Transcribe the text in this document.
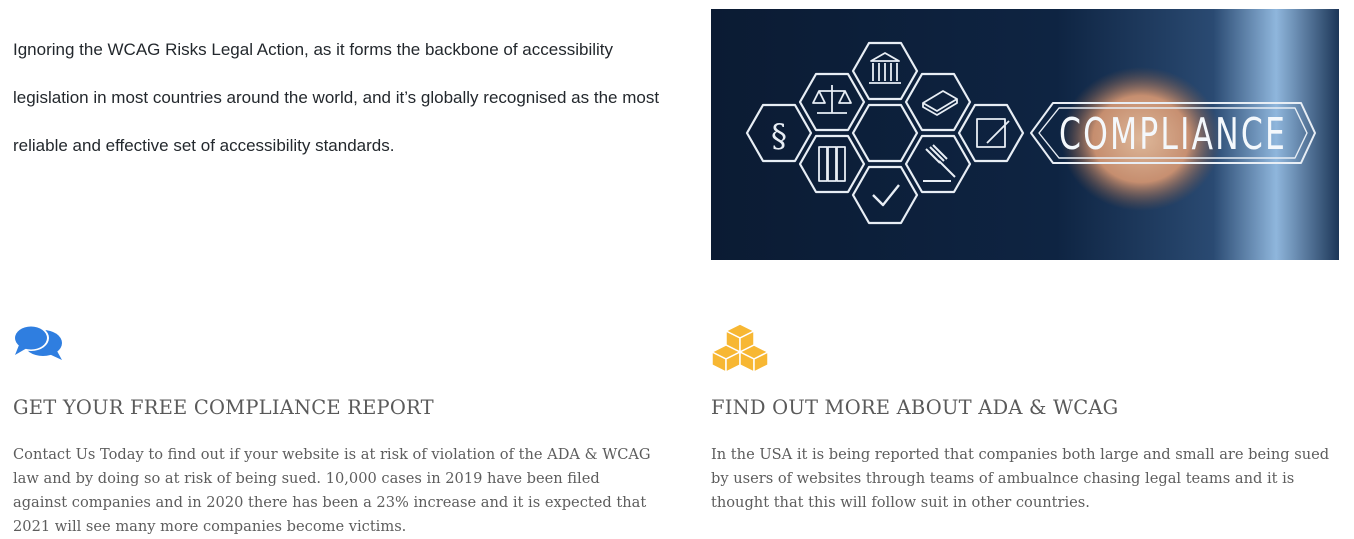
Ignoring the WCAG Risks Legal Action, as it forms the backbone of accessibility legislation in most countries around the world, and it’s globally recognised as the most reliable and effective set of accessibility standards.	§	COMPLIANCE
GET YOUR FREE COMPLIANCE REPORT

Contact Us Today to find out if your website is at risk of violation of the ADA & WCAG law and by doing so at risk of being sued. 10,000 cases in 2019 have been filed against companies and in 2020 there has been a 23% increase and it is expected that 2021 will see many more companies become victims.

FIND OUT MORE ABOUT ADA & WCAG

In the USA it is being reported that companies both large and small are being sued by users of websites through teams of ambualnce chasing legal teams and it is thought that this will follow suit in other countries.
